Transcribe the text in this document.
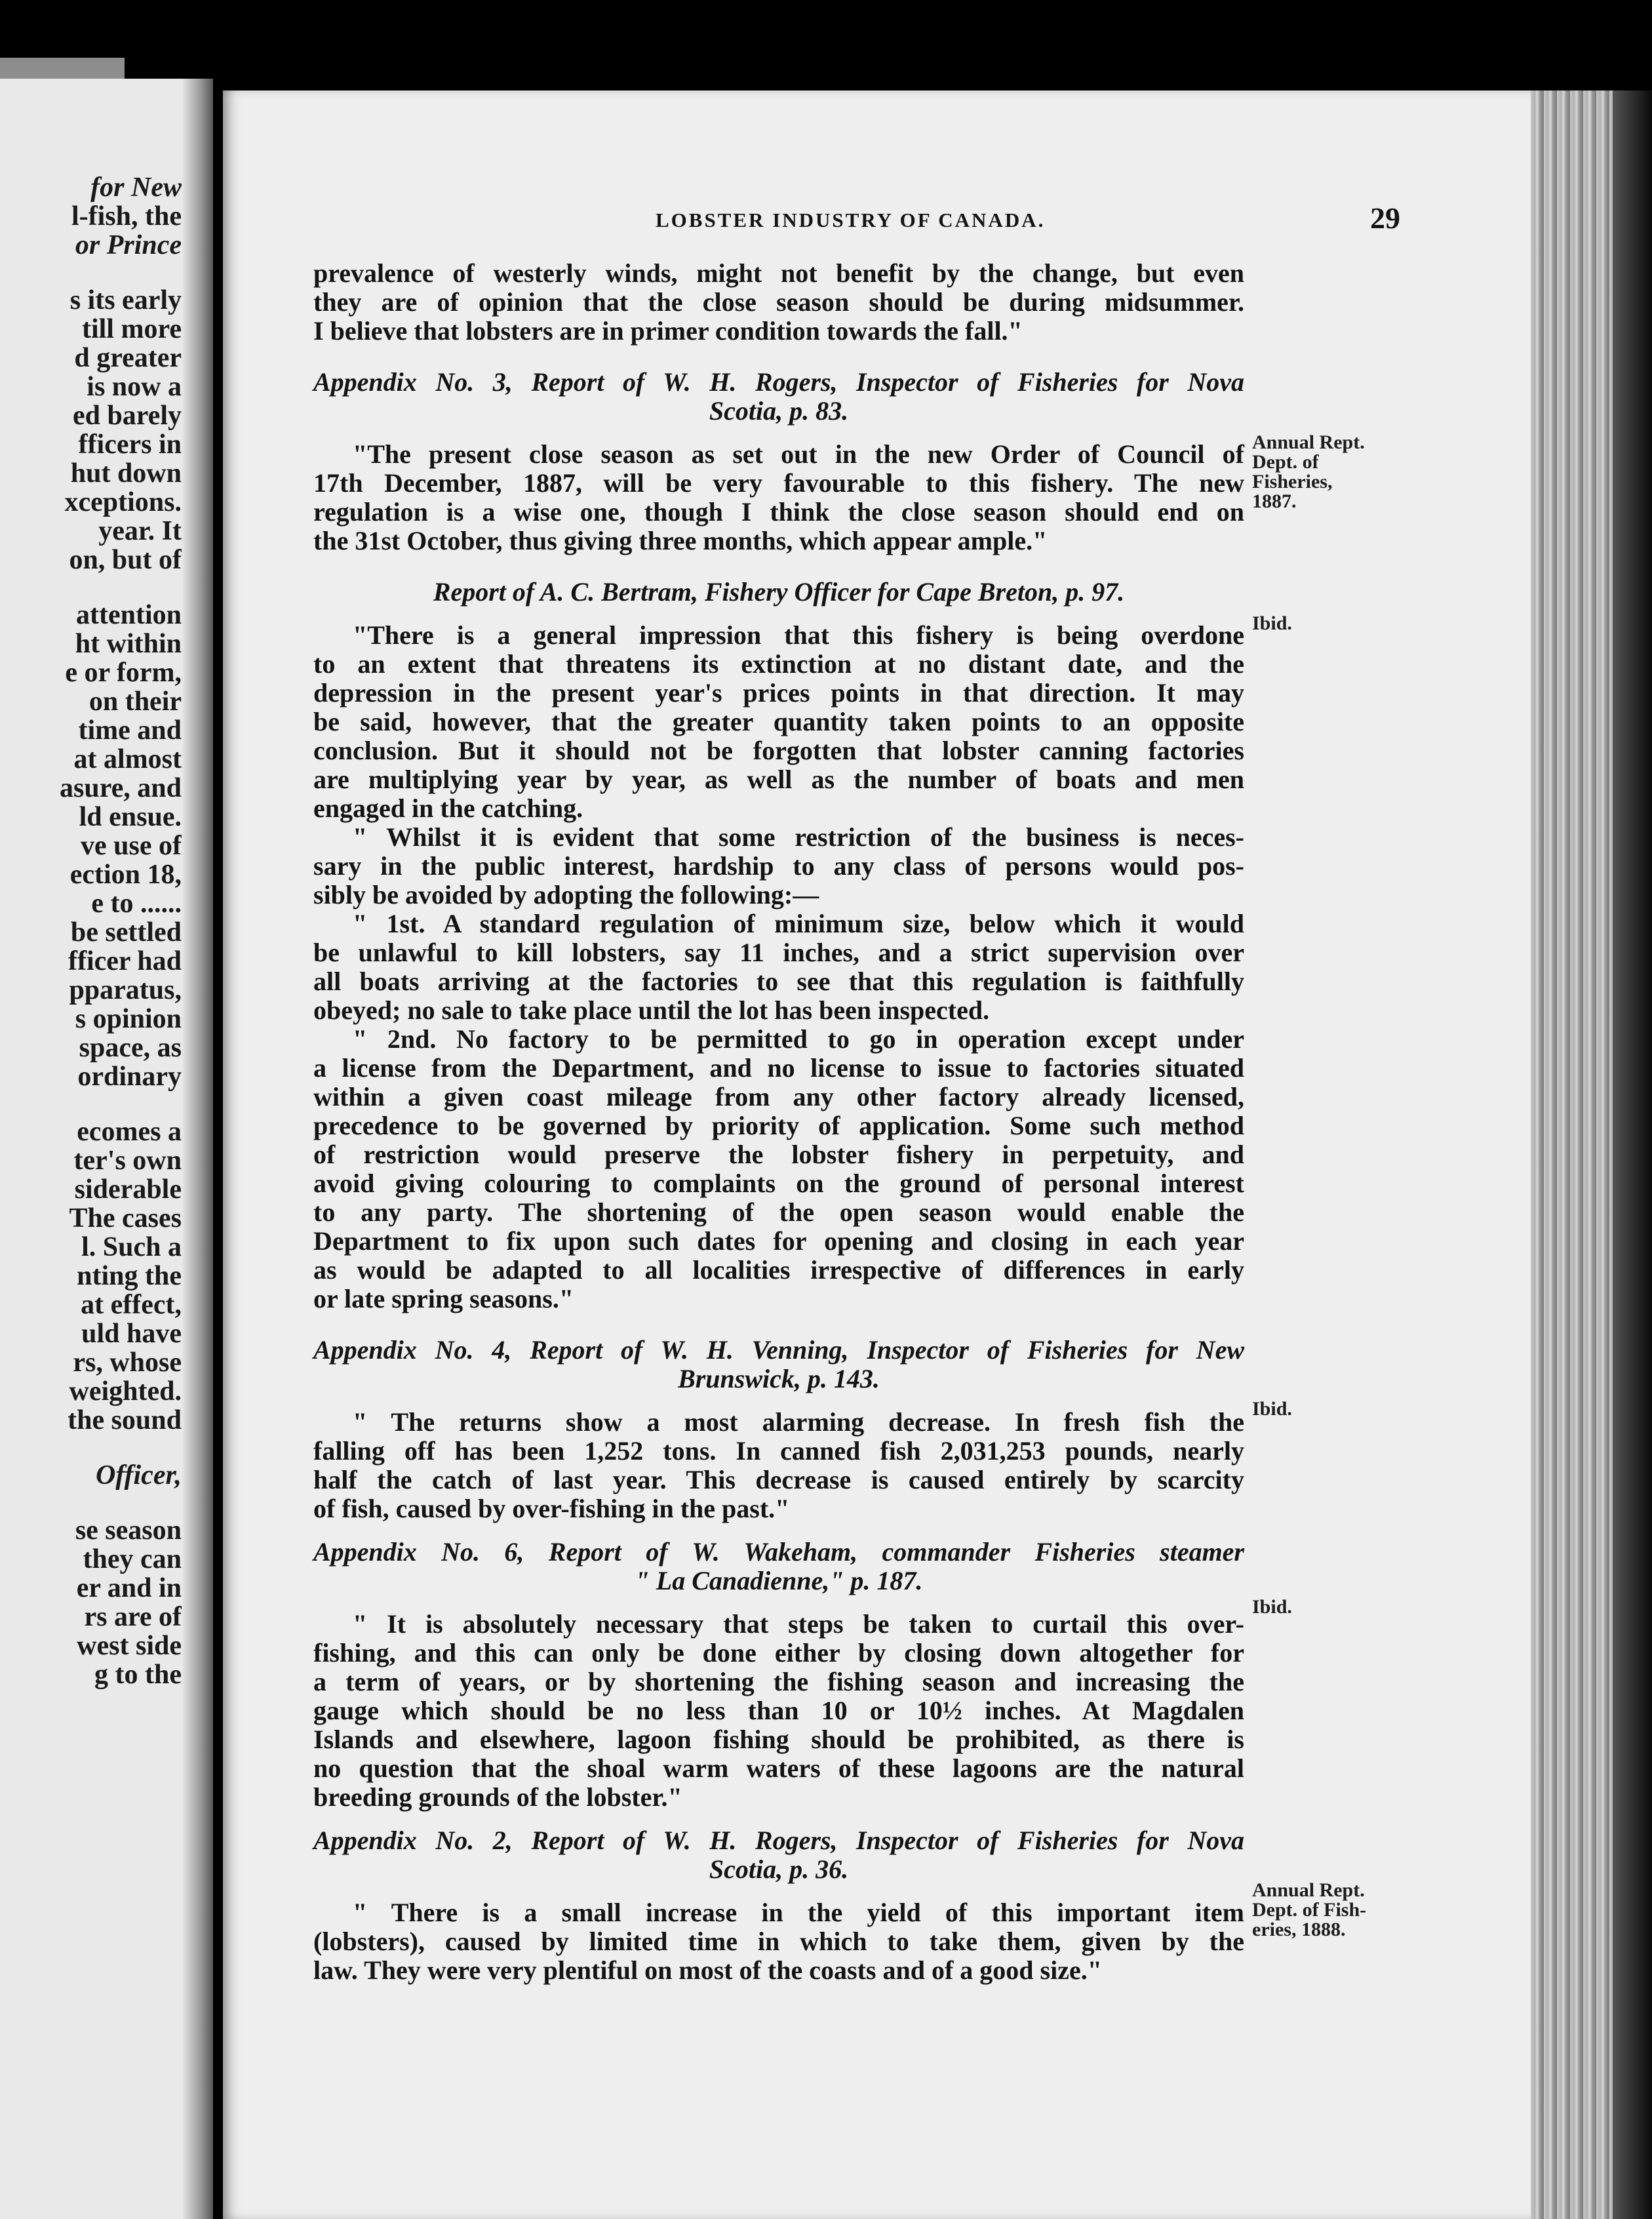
for New
l-fish, the
or Prince
s its early
till more
d greater
is now a
ed barely
fficers in
hut down
xceptions.
year. It
on, but of
attention
ht within
e or form,
on their
time and
at almost
asure, and
ld ensue.
ve use of
ection 18,
e to ......
be settled
fficer had
pparatus,
s opinion
space, as
ordinary
ecomes a
ter's own
siderable
The cases
l. Such a
nting the
at effect,
uld have
rs, whose
weighted.
the sound
Officer,
se season
they can
er and in
rs are of
west side
g to the
LOBSTER INDUSTRY OF CANADA.	29

prevalence of westerly winds, might not benefit by the change, but even

they are of opinion that the close season should be during midsummer.

I believe that lobsters are in primer condition towards the fall."

Appendix No. 3, Report of W. H. Rogers, Inspector of Fisheries for Nova
Scotia, p. 83.

"The present close season as set out in the new Order of Council of

17th December, 1887, will be very favourable to this fishery. The new

regulation is a wise one, though I think the close season should end on

the 31st October, thus giving three months, which appear ample."

Report of A. C. Bertram, Fishery Officer for Cape Breton, p. 97.

"There is a general impression that this fishery is being overdone

to an extent that threatens its extinction at no distant date, and the

depression in the present year's prices points in that direction. It may

be said, however, that the greater quantity taken points to an opposite

conclusion. But it should not be forgotten that lobster canning factories

are multiplying year by year, as well as the number of boats and men

engaged in the catching.

" Whilst it is evident that some restriction of the business is neces-

sary in the public interest, hardship to any class of persons would pos-

sibly be avoided by adopting the following:—

" 1st. A standard regulation of minimum size, below which it would

be unlawful to kill lobsters, say 11 inches, and a strict supervision over

all boats arriving at the factories to see that this regulation is faithfully

obeyed; no sale to take place until the lot has been inspected.

" 2nd. No factory to be permitted to go in operation except under

a license from the Department, and no license to issue to factories situated

within a given coast mileage from any other factory already licensed,

precedence to be governed by priority of application. Some such method

of restriction would preserve the lobster fishery in perpetuity, and

avoid giving colouring to complaints on the ground of personal interest

to any party. The shortening of the open season would enable the

Department to fix upon such dates for opening and closing in each year

as would be adapted to all localities irrespective of differences in early

or late spring seasons."

Appendix No. 4, Report of W. H. Venning, Inspector of Fisheries for New
Brunswick, p. 143.

" The returns show a most alarming decrease. In fresh fish the

falling off has been 1,252 tons. In canned fish 2,031,253 pounds, nearly

half the catch of last year. This decrease is caused entirely by scarcity

of fish, caused by over-fishing in the past."

Appendix No. 6, Report of W. Wakeham, commander Fisheries steamer
" La Canadienne," p. 187.

" It is absolutely necessary that steps be taken to curtail this over-

fishing, and this can only be done either by closing down altogether for

a term of years, or by shortening the fishing season and increasing the

gauge which should be no less than 10 or 10½ inches. At Magdalen

Islands and elsewhere, lagoon fishing should be prohibited, as there is

no question that the shoal warm waters of these lagoons are the natural

breeding grounds of the lobster."

Appendix No. 2, Report of W. H. Rogers, Inspector of Fisheries for Nova
Scotia, p. 36.

" There is a small increase in the yield of this important item

(lobsters), caused by limited time in which to take them, given by the

law. They were very plentiful on most of the coasts and of a good size."

Annual Rept.
Dept. of
Fisheries,
1887.
Ibid.
Ibid.
Ibid.
Annual Rept.
Dept. of Fish-
eries, 1888.
